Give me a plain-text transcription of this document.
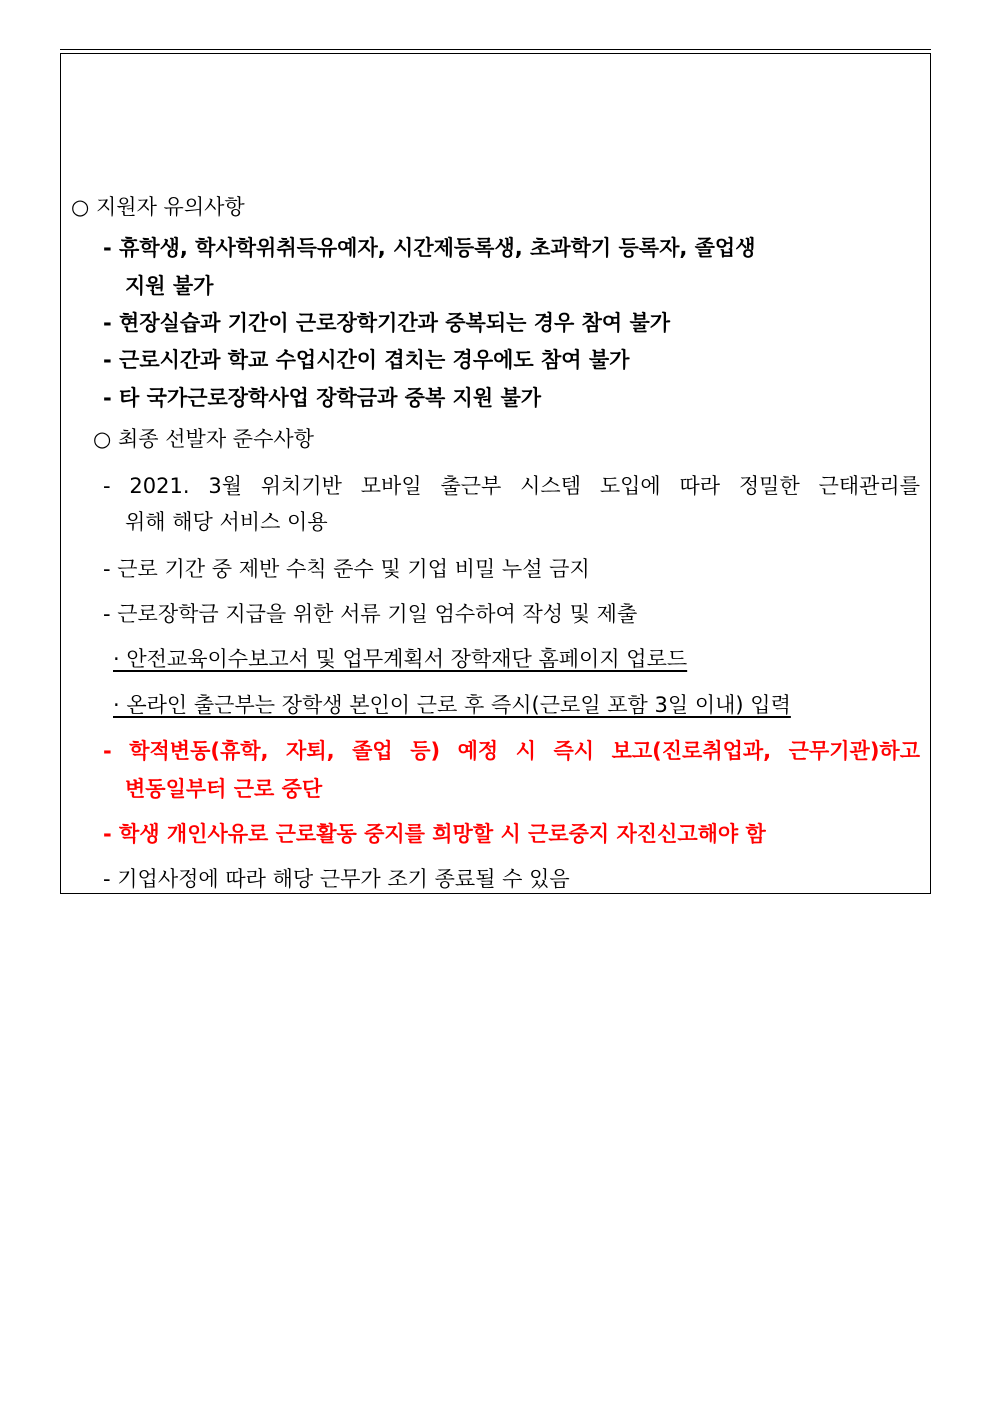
○ 지원자 유의사항
- 휴학생, 학사학위취득유예자, 시간제등록생, 초과학기 등록자, 졸업생
지원 불가
- 현장실습과 기간이 근로장학기간과 중복되는 경우 참여 불가
- 근로시간과 학교 수업시간이 겹치는 경우에도 참여 불가
- 타 국가근로장학사업 장학금과 중복 지원 불가
○ 최종 선발자 준수사항
- 2021. 3월 위치기반 모바일 출근부 시스템 도입에 따라 정밀한 근태관리를
위해 해당 서비스 이용
- 근로 기간 중 제반 수칙 준수 및 기업 비밀 누설 금지
- 근로장학금 지급을 위한 서류 기일 엄수하여 작성 및 제출
· 안전교육이수보고서 및 업무계획서 장학재단 홈페이지 업로드
· 온라인 출근부는 장학생 본인이 근로 후 즉시(근로일 포함 3일 이내) 입력
- 학적변동(휴학, 자퇴, 졸업 등) 예정 시 즉시 보고(진로취업과, 근무기관)하고
변동일부터 근로 중단
- 학생 개인사유로 근로활동 중지를 희망할 시 근로중지 자진신고해야 함
- 기업사정에 따라 해당 근무가 조기 종료될 수 있음
